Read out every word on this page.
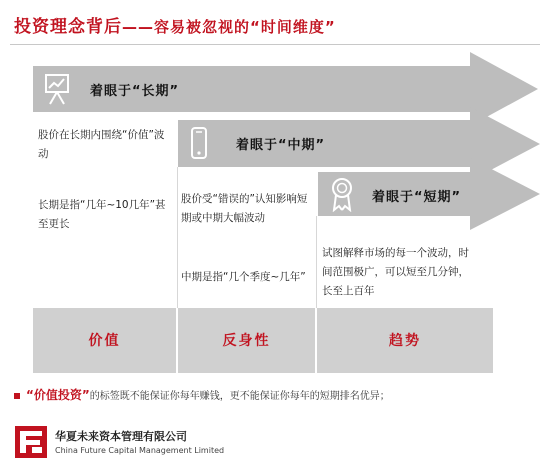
投资理念背后——容易被忽视的“时间维度”
着眼于“长期”
着眼于“中期”
着眼于“短期”
股价在长期内围绕“价值”波动
长期是指“几年~10几年”甚至更长
股价受“错误的”认知影响短期或中期大幅波动
中期是指“几个季度~几年”
试图解释市场的每一个波动，时间范围极广，可以短至几分钟，长至上百年
价值	反身性	趋势
“价值投资”的标签既不能保证你每年赚钱，更不能保证你每年的短期排名优异；
华夏未来资本管理有限公司
China Future Capital Management Limited
